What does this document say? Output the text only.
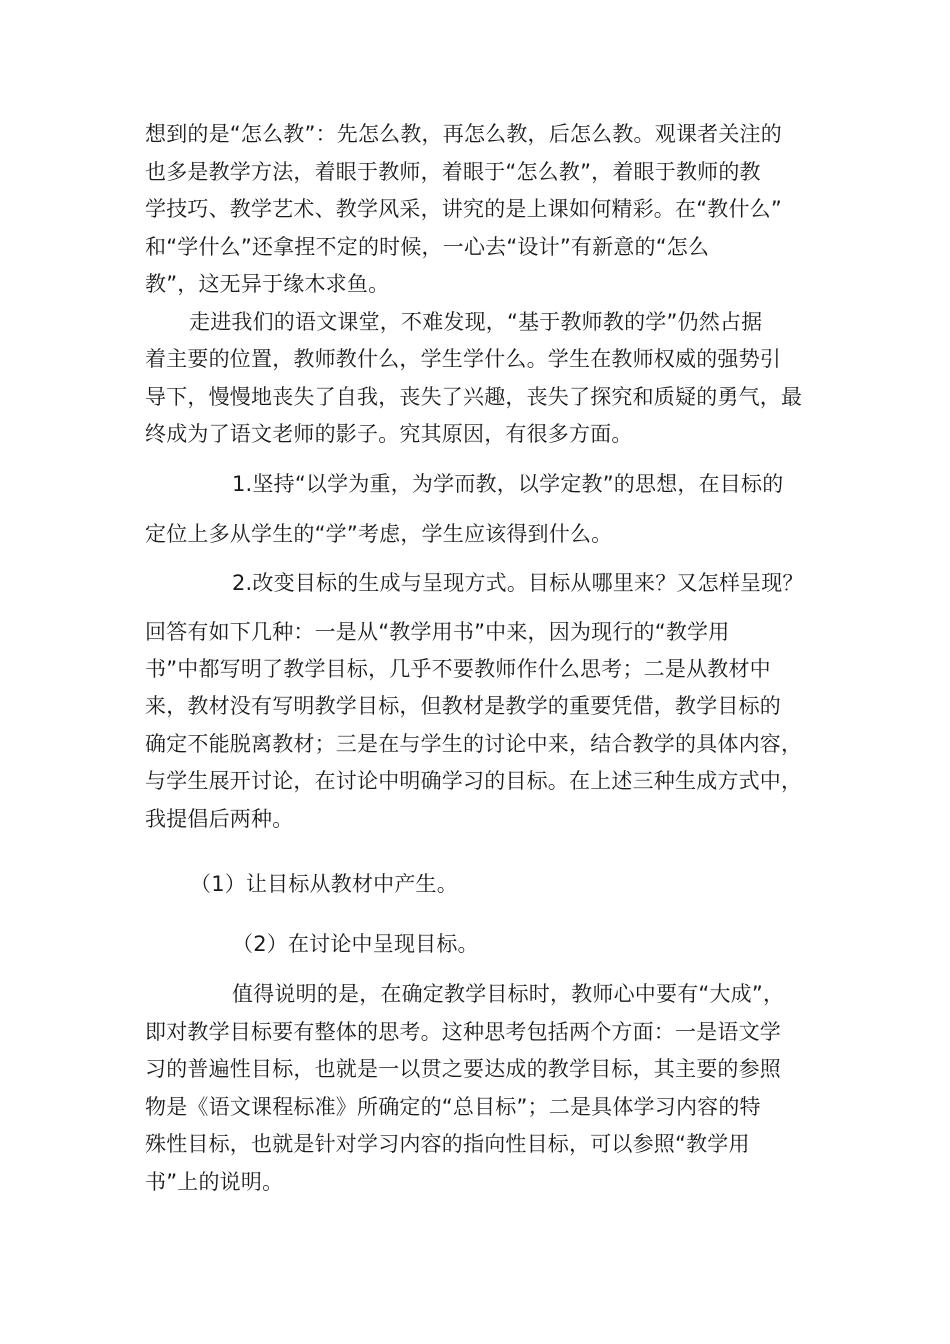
想到的是“怎么教”：先怎么教，再怎么教，后怎么教。观课者关注的
也多是教学方法，着眼于教师，着眼于“怎么教”，着眼于教师的教
学技巧、教学艺术、教学风采，讲究的是上课如何精彩。在“教什么”
和“学什么”还拿捏不定的时候，一心去“设计”有新意的“怎么
教”，这无异于缘木求鱼。
走进我们的语文课堂，不难发现，“基于教师教的学”仍然占据
着主要的位置，教师教什么，学生学什么。学生在教师权威的强势引
导下，慢慢地丧失了自我，丧失了兴趣，丧失了探究和质疑的勇气，最
终成为了语文老师的影子。究其原因，有很多方面。
1.坚持“以学为重，为学而教，以学定教”的思想，在目标的
定位上多从学生的“学”考虑，学生应该得到什么。
2.改变目标的生成与呈现方式。目标从哪里来？又怎样呈现？
回答有如下几种：一是从“教学用书”中来，因为现行的“教学用
书”中都写明了教学目标，几乎不要教师作什么思考；二是从教材中
来，教材没有写明教学目标，但教材是教学的重要凭借，教学目标的
确定不能脱离教材；三是在与学生的讨论中来，结合教学的具体内容，
与学生展开讨论，在讨论中明确学习的目标。在上述三种生成方式中，
我提倡后两种。
（1）让目标从教材中产生。
（2）在讨论中呈现目标。
值得说明的是，在确定教学目标时，教师心中要有“大成”，
即对教学目标要有整体的思考。这种思考包括两个方面：一是语文学
习的普遍性目标，也就是一以贯之要达成的教学目标，其主要的参照
物是《语文课程标准》所确定的“总目标”；二是具体学习内容的特
殊性目标，也就是针对学习内容的指向性目标，可以参照“教学用
书”上的说明。
